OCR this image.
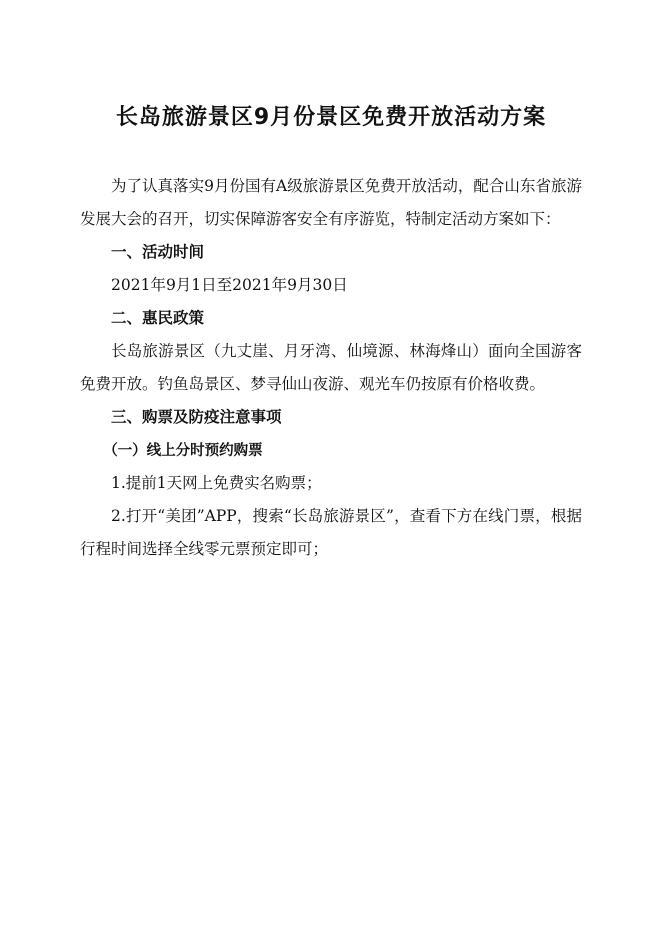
长岛旅游景区9月份景区免费开放活动方案

为了认真落实9月份国有A级旅游景区免费开放活动，配合山东省旅游发展大会的召开，切实保障游客安全有序游览，特制定活动方案如下：

一、活动时间

2021年9月1日至2021年9月30日

二、惠民政策

长岛旅游景区（九丈崖、月牙湾、仙境源、林海烽山）面向全国游客免费开放。钓鱼岛景区、梦寻仙山夜游、观光车仍按原有价格收费。

三、购票及防疫注意事项

（一）线上分时预约购票

1.提前1天网上免费实名购票；

2.打开“美团”APP，搜索“长岛旅游景区”，查看下方在线门票，根据行程时间选择全线零元票预定即可；
